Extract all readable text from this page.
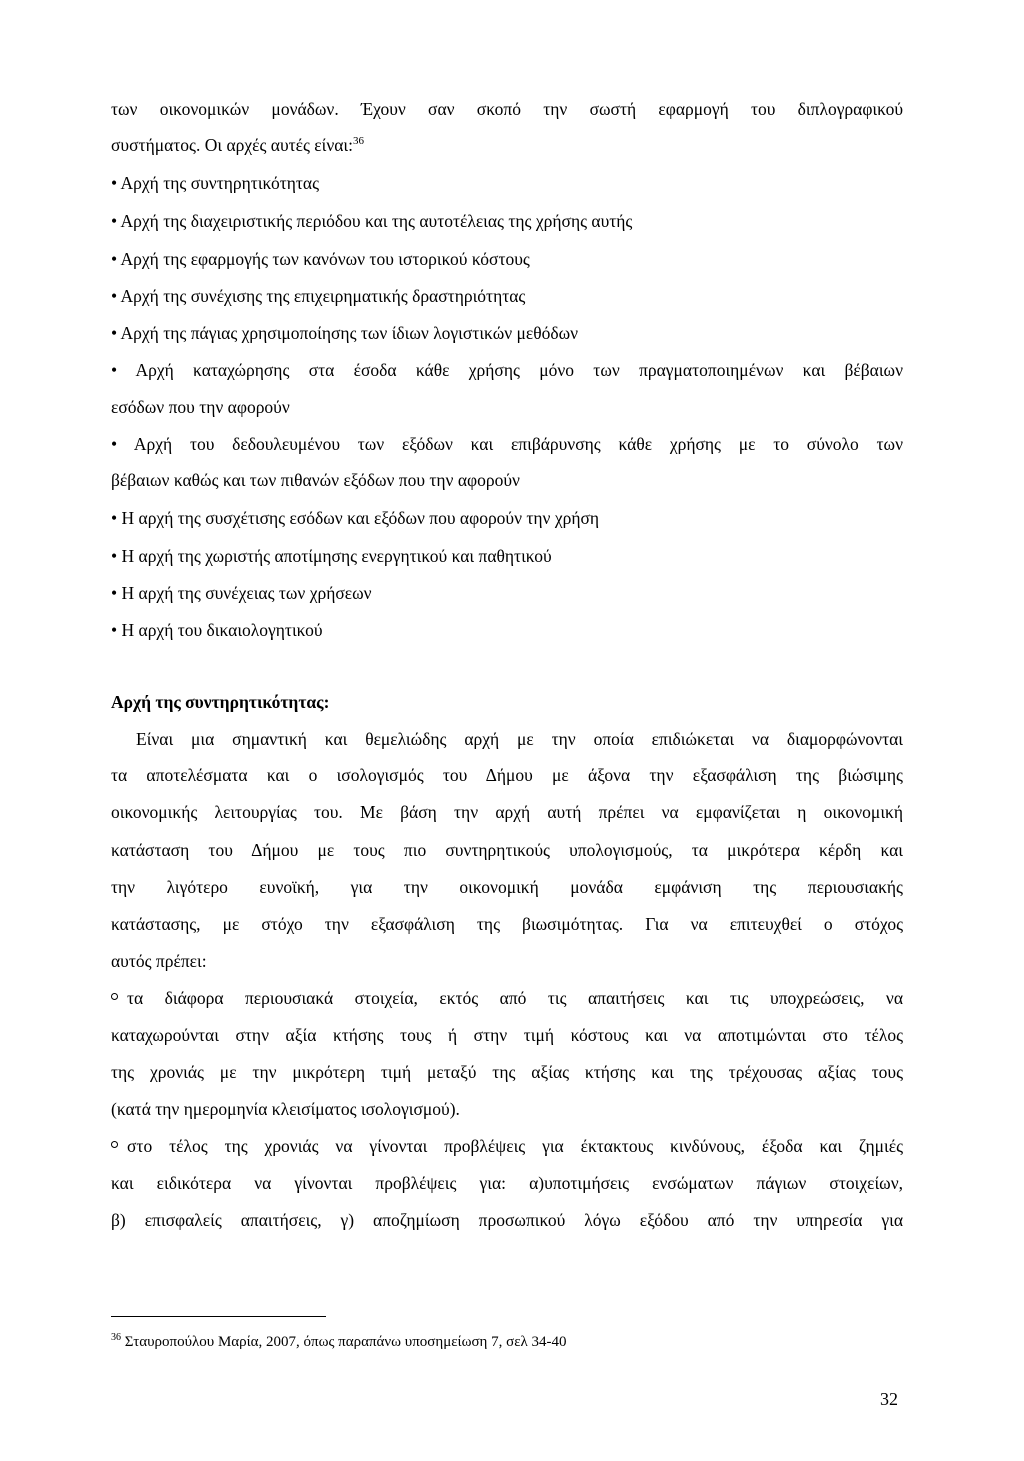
των οικονομικών μονάδων. Έχουν σαν σκοπό την σωστή εφαρμογή του διπλογραφικού
συστήματος. Οι αρχές αυτές είναι:$^{36}$
• Αρχή της συντηρητικότητας
• Αρχή της διαχειριστικής περιόδου και της αυτοτέλειας της χρήσης αυτής
• Αρχή της εφαρμογής των κανόνων του ιστορικού κόστους
• Αρχή της συνέχισης της επιχειρηματικής δραστηριότητας
• Αρχή της πάγιας χρησιμοποίησης των ίδιων λογιστικών μεθόδων
• Αρχή καταχώρησης στα έσοδα κάθε χρήσης μόνο των πραγματοποιημένων και βέβαιων
εσόδων που την αφορούν
• Αρχή του δεδουλευμένου των εξόδων και επιβάρυνσης κάθε χρήσης με το σύνολο των
βέβαιων καθώς και των πιθανών εξόδων που την αφορούν
• Η αρχή της συσχέτισης εσόδων και εξόδων που αφορούν την χρήση
• Η αρχή της χωριστής αποτίμησης ενεργητικού και παθητικού
• Η αρχή της συνέχειας των χρήσεων
• Η αρχή του δικαιολογητικού
Αρχή της συντηρητικότητας:
Είναι μια σημαντική και θεμελιώδης αρχή με την οποία επιδιώκεται να διαμορφώνονται
τα αποτελέσματα και ο ισολογισμός του Δήμου με άξονα την εξασφάλιση της βιώσιμης
οικονομικής λειτουργίας του. Με βάση την αρχή αυτή πρέπει να εμφανίζεται η οικονομική
κατάσταση του Δήμου με τους πιο συντηρητικούς υπολογισμούς, τα μικρότερα κέρδη και
την λιγότερο ευνοϊκή, για την οικονομική μονάδα εμφάνιση της περιουσιακής
κατάστασης, με στόχο την εξασφάλιση της βιωσιμότητας. Για να επιτευχθεί ο στόχος
αυτός πρέπει:
τα διάφορα περιουσιακά στοιχεία, εκτός από τις απαιτήσεις και τις υποχρεώσεις, να
καταχωρούνται στην αξία κτήσης τους ή στην τιμή κόστους και να αποτιμώνται στο τέλος
της χρονιάς με την μικρότερη τιμή μεταξύ της αξίας κτήσης και της τρέχουσας αξίας τους
(κατά την ημερομηνία κλεισίματος ισολογισμού).
στο τέλος της χρονιάς να γίνονται προβλέψεις για έκτακτους κινδύνους, έξοδα και ζημιές
και ειδικότερα να γίνονται προβλέψεις για: α)υποτιμήσεις ενσώματων πάγιων στοιχείων,
β) επισφαλείς απαιτήσεις, γ) αποζημίωση προσωπικού λόγω εξόδου από την υπηρεσία για
$^{36}$ Σταυροπούλου Μαρία, 2007, όπως παραπάνω υποσημείωση 7, σελ 34-40
32
